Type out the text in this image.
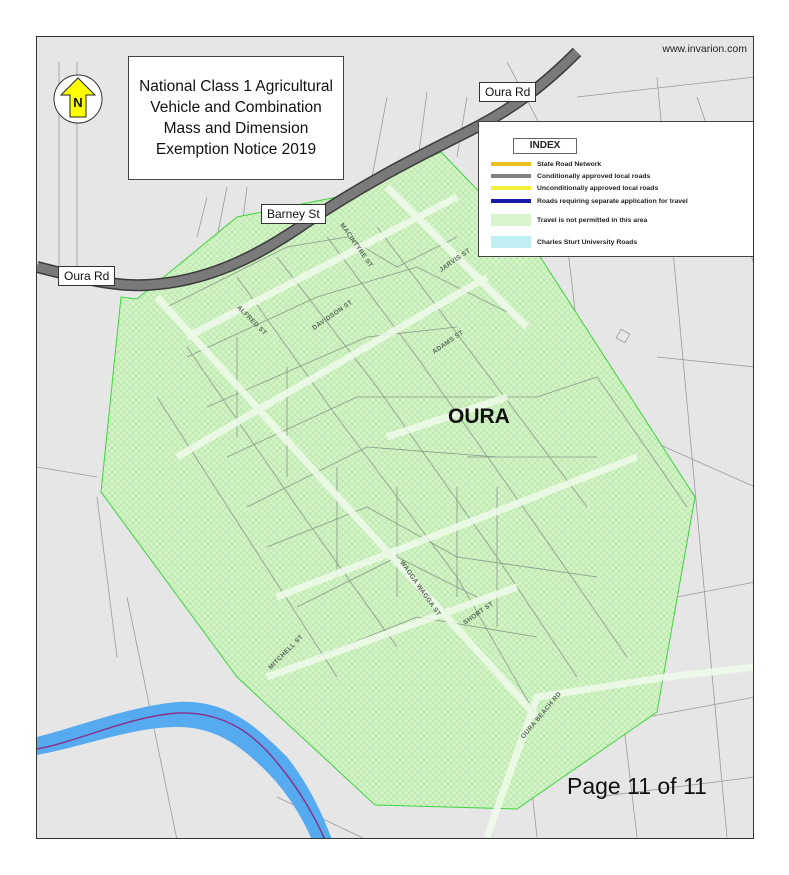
www.invarion.com
National Class 1 Agricultural Vehicle and Combination Mass and Dimension Exemption Notice 2019
N
Oura Rd
Oura Rd
Barney St
MACINTYRE ST	JARVIS ST
ALFRED ST	DAVIDSON ST
ADAMS ST
WAGGA WAGGA ST	SHORT ST
MITCHELL ST
OURA BEACH RD
OURA
INDEX
State Road Network
Conditionally approved local roads
Unconditionally approved local roads
Roads requiring separate application for travel
Travel is not permitted in this area
Charles Sturt University Roads
Page 11 of 11
